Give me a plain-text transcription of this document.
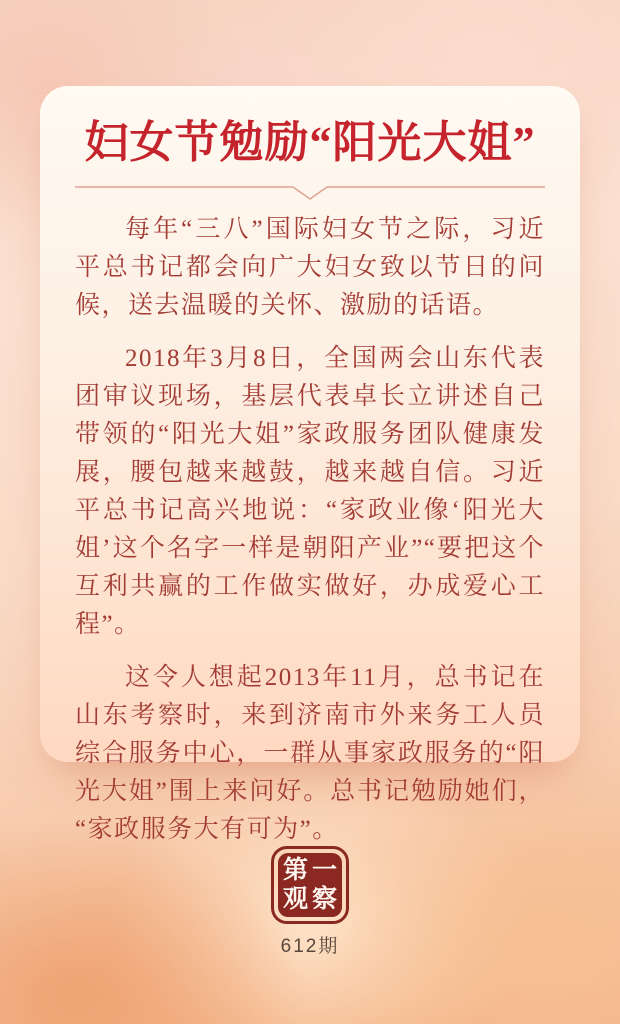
妇女节勉励“阳光大姐”

每年“三八”国际妇女节之际，习近平总书记都会向广大妇女致以节日的问候，送去温暖的关怀、激励的话语。

2018年3月8日，全国两会山东代表团审议现场，基层代表卓长立讲述自己带领的“阳光大姐”家政服务团队健康发展，腰包越来越鼓，越来越自信。习近平总书记高兴地说：“家政业像‘阳光大姐’这个名字一样是朝阳产业”“要把这个互利共赢的工作做实做好，办成爱心工程”。

这令人想起2013年11月，总书记在山东考察时，来到济南市外来务工人员综合服务中心，一群从事家政服务的“阳光大姐”围上来问好。总书记勉励她们，“家政服务大有可为”。

第 一
观 察
612期
